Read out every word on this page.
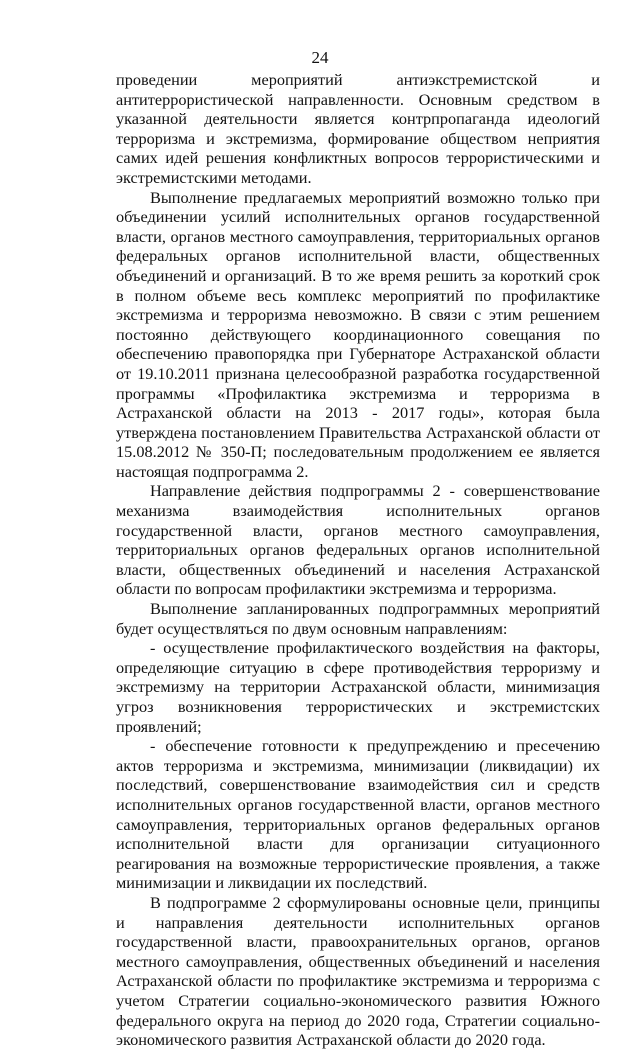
24

проведении мероприятий антиэкстремистской и антитеррористической направленности. Основным средством в указанной деятельности является контрпропаганда идеологий терроризма и экстремизма, формирование обществом неприятия самих идей решения конфликтных вопросов террористическими и экстремистскими методами.

Выполнение предлагаемых мероприятий возможно только при объединении усилий исполнительных органов государственной власти, органов местного самоуправления, территориальных органов федеральных органов исполнительной власти, общественных объединений и организаций. В то же время решить за короткий срок в полном объеме весь комплекс мероприятий по профилактике экстремизма и терроризма невозможно. В связи с этим решением постоянно действующего координационного совещания по обеспечению правопорядка при Губернаторе Астраханской области от 19.10.2011 признана целесообразной разработка государственной программы «Профилактика экстремизма и терроризма в Астраханской области на 2013 - 2017 годы», которая была утверждена постановлением Правительства Астраханской области от 15.08.2012 № 350-П; последовательным продолжением ее является настоящая подпрограмма 2.

Направление действия подпрограммы 2 - совершенствование механизма взаимодействия исполнительных органов государственной власти, органов местного самоуправления, территориальных органов федеральных органов исполнительной власти, общественных объединений и населения Астраханской области по вопросам профилактики экстремизма и терроризма.

Выполнение запланированных подпрограммных мероприятий будет осуществляться по двум основным направлениям:

- осуществление профилактического воздействия на факторы, определяющие ситуацию в сфере противодействия терроризму и экстремизму на территории Астраханской области, минимизация угроз возникновения террористических и экстремистских проявлений;

- обеспечение готовности к предупреждению и пресечению актов терроризма и экстремизма, минимизации (ликвидации) их последствий, совершенствование взаимодействия сил и средств исполнительных органов государственной власти, органов местного самоуправления, территориальных органов федеральных органов исполнительной власти для организации ситуационного реагирования на возможные террористические проявления, а также минимизации и ликвидации их последствий.

В подпрограмме 2 сформулированы основные цели, принципы и направления деятельности исполнительных органов государственной власти, правоохранительных органов, органов местного самоуправления, общественных объединений и населения Астраханской области по профилактике экстремизма и терроризма с учетом Стратегии социально-экономического развития Южного федерального округа на период до 2020 года, Стратегии социально-экономического развития Астраханской области до 2020 года.
